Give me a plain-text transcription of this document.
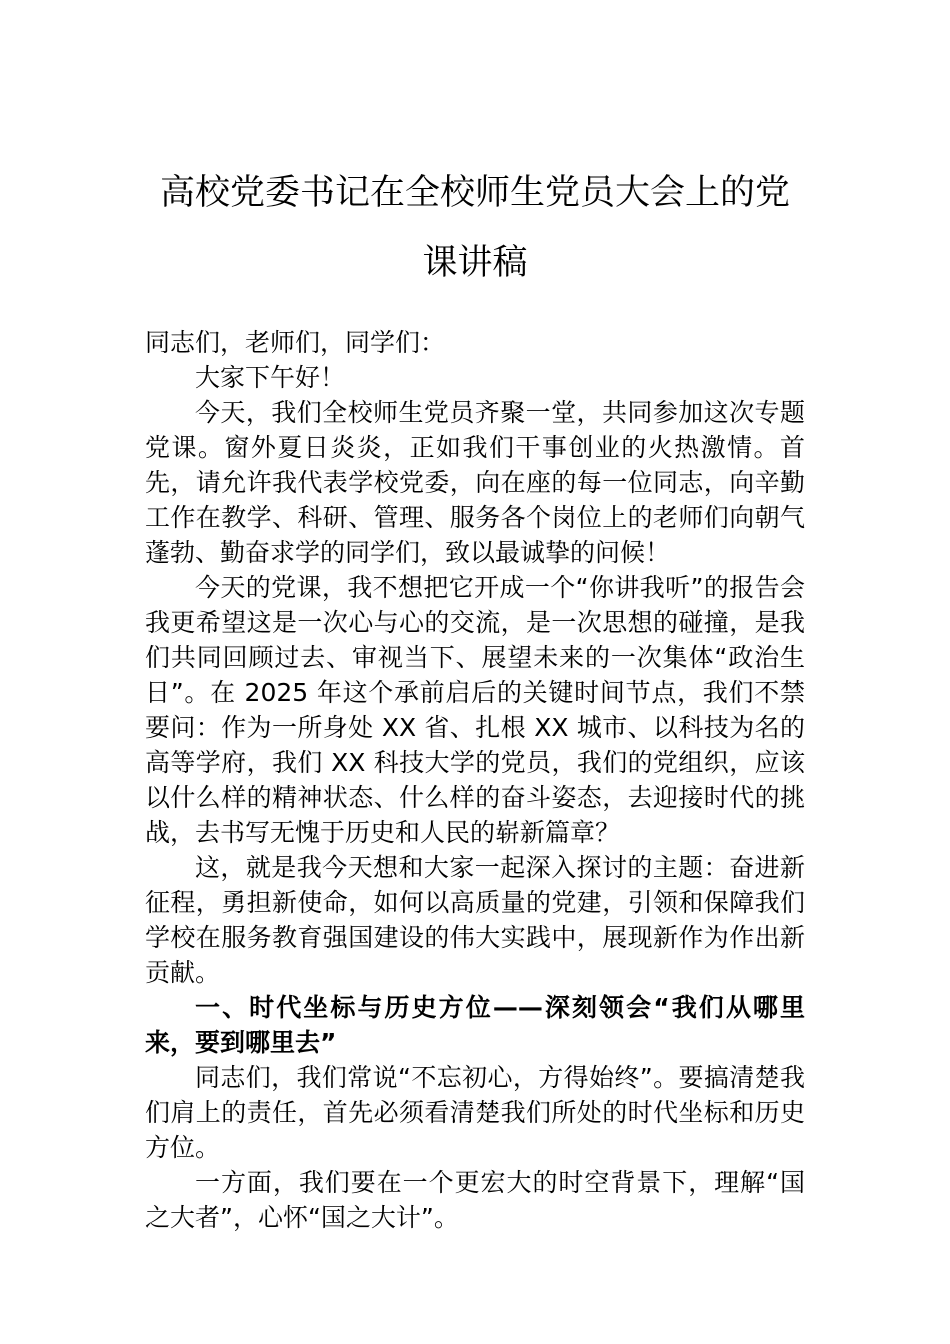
高校党委书记在全校师生党员大会上的党课讲稿

同志们，老师们，同学们：

大家下午好！

今天，我们全校师生党员齐聚一堂，共同参加这次专题党课。窗外夏日炎炎，正如我们干事创业的火热激情。首先，请允许我代表学校党委，向在座的每一位同志，向辛勤工作在教学、科研、管理、服务各个岗位上的老师们向朝气蓬勃、勤奋求学的同学们，致以最诚挚的问候！

今天的党课，我不想把它开成一个“你讲我听”的报告会我更希望这是一次心与心的交流，是一次思想的碰撞，是我们共同回顾过去、审视当下、展望未来的一次集体“政治生日”。在 2025 年这个承前启后的关键时间节点，我们不禁要问：作为一所身处 XX 省、扎根 XX 城市、以科技为名的高等学府，我们 XX 科技大学的党员，我们的党组织，应该以什么样的精神状态、什么样的奋斗姿态，去迎接时代的挑战，去书写无愧于历史和人民的崭新篇章？

这，就是我今天想和大家一起深入探讨的主题：奋进新征程，勇担新使命，如何以高质量的党建，引领和保障我们学校在服务教育强国建设的伟大实践中，展现新作为作出新贡献。

一、时代坐标与历史方位——深刻领会“我们从哪里来，要到哪里去”

同志们，我们常说“不忘初心，方得始终”。要搞清楚我们肩上的责任，首先必须看清楚我们所处的时代坐标和历史方位。

一方面，我们要在一个更宏大的时空背景下，理解“国之大者”，心怀“国之大计”。
